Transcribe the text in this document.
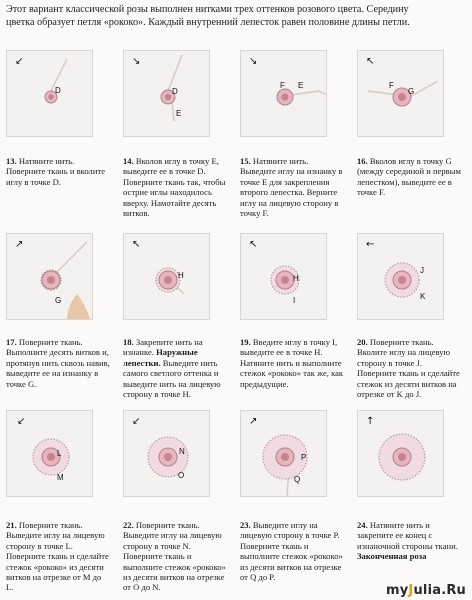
Этот вариант классической розы выполнен нитками трех оттенков розового цвета. Середину

цветка образует петля «рококо». Каждый внутренний лепесток равен половине длины петли.

↙
D
13. Натяните нить. Поверните ткань и вколите иглу в точке D.
↘
D
E
14. Вколов иглу в точку E, выведите ее в точке D. Поверните ткань так, чтобы острие иглы находилось вверху. Намотайте десять витков.
↘
F E
15. Натяните нить. Выведите иглу на изнанку в точке E для закрепления второго лепестка. Верните иглу на лицевую сторону в точку F.
↖
F
G
16. Вколов иглу в точку G (между серединой и первым лепестком), выведите ее в точке F.
↗
G
17. Поверните ткань. Выполните десять витков и, протянув нить сквозь навив, выведите ее на изнанку в точке G.
↖
H
18. Закрепите нить на изнанке. Наружные лепестки. Выведите нить самого светлого оттенка и выведите нить на лицевую сторону в точке H.
↖
H
I
19. Введите иглу в точку I, выведите ее в точке H. Натяните нить и выполните стежок «рококо» так же, как предыдущие.
←
J
K
20. Поверните ткань. Вколите иглу на лицевую сторону в точке J. Поверните ткань и сделайте стежок из десяти витков на отрезке от K до J.
↙
L
M
21. Поверните ткань. Выведите иглу на лицевую сторону в точке L. Поверните ткань и сделайте стежок «рококо» из десяти витков на отрезке от M до L.
↙
N
O
22. Поверните ткань. Выведите иглу на лицевую сторону в точке N. Поверните ткань и выполните стежок «рококо» из десяти витков на отрезке от O до N.
↗
P
Q
23. Выведите иглу на лицевую сторону в точке P. Поверните ткань и выполните стежок «рококо» из десяти витков на отрезке от Q до P.
↑
24. Натяните нить и закрепите ее конец с изнаночной стороны ткани. Законченная роза
myJulia.Ru
